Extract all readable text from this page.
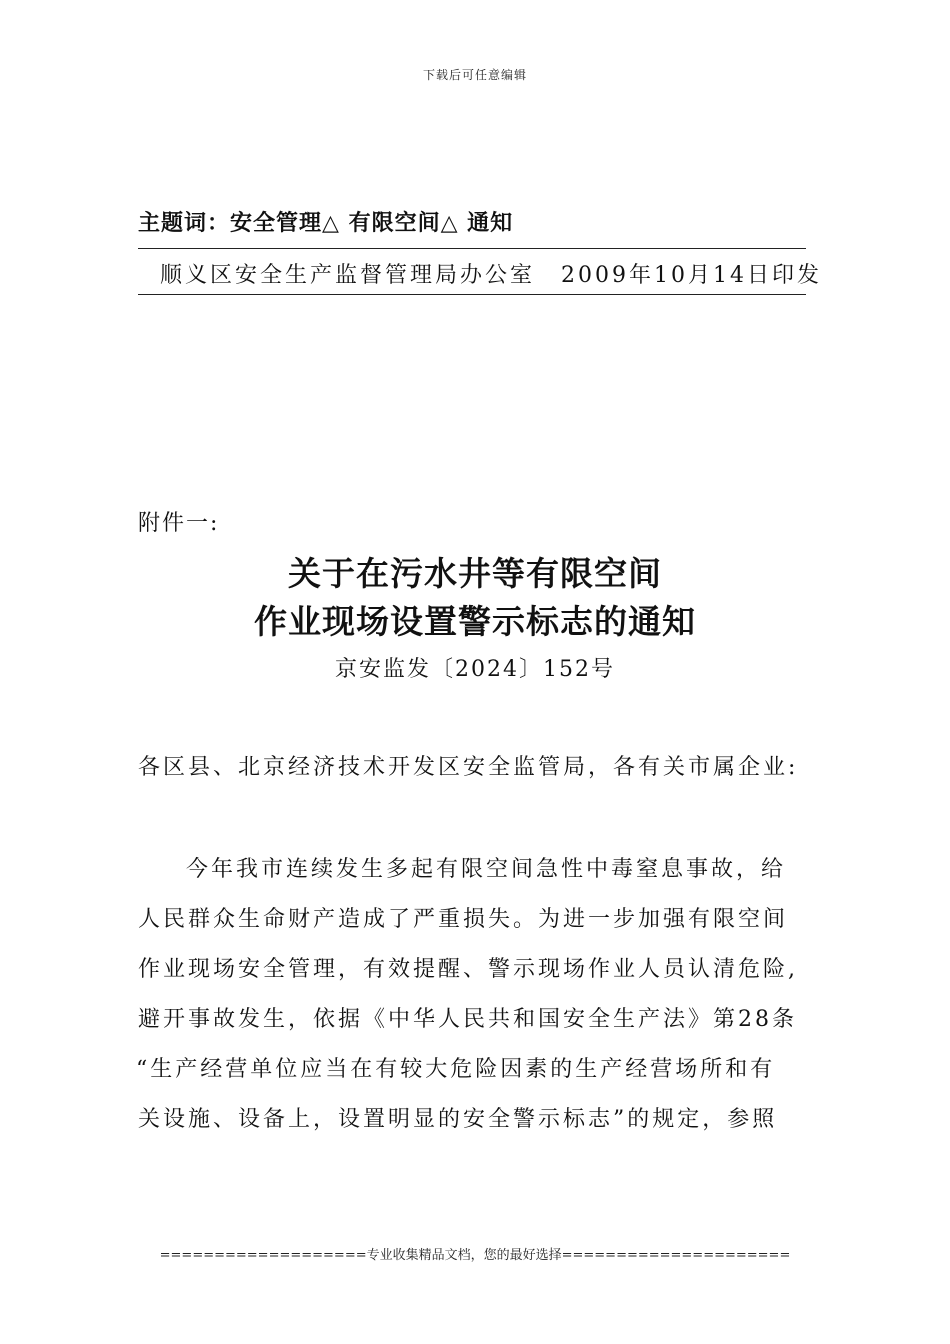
下载后可任意编辑
主题词：安全管理△ 有限空间△ 通知
顺义区安全生产监督管理局办公室 2009年10月14日印发
附件一:
关于在污水井等有限空间
作业现场设置警示标志的通知
京安监发〔2024〕152号
各区县、北京经济技术开发区安全监管局，各有关市属企业:
今年我市连续发生多起有限空间急性中毒窒息事故，给
人民群众生命财产造成了严重损失。为进一步加强有限空间
作业现场安全管理，有效提醒、警示现场作业人员认清危险,
避开事故发生，依据《中华人民共和国安全生产法》第28条
“生产经营单位应当在有较大危险因素的生产经营场所和有
关设施、设备上，设置明显的安全警示标志”的规定，参照
===================专业收集精品文档，您的最好选择=====================
